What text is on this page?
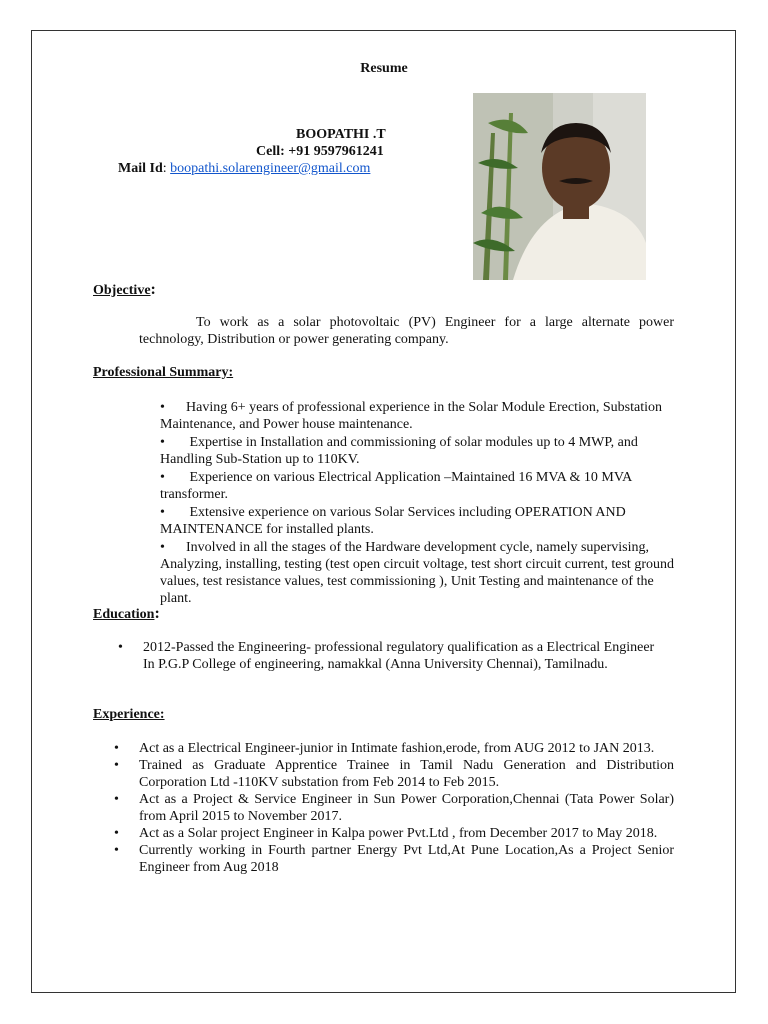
Resume
BOOPATHI .T
Cell: +91 9597961241
Mail Id: boopathi.solarengineer@gmail.com
Objective:
To work as a solar photovoltaic (PV) Engineer for a large alternate power technology, Distribution or power generating company.
Professional Summary:
• Having 6+ years of professional experience in the Solar Module Erection, Substation Maintenance, and Power house maintenance.
• Expertise in Installation and commissioning of solar modules up to 4 MWP, and Handling Sub-Station up to 110KV.
• Experience on various Electrical Application –Maintained 16 MVA & 10 MVA transformer.
• Extensive experience on various Solar Services including OPERATION AND MAINTENANCE for installed plants.
• Involved in all the stages of the Hardware development cycle, namely supervising, Analyzing, installing, testing (test open circuit voltage, test short circuit current, test ground values, test resistance values, test commissioning ), Unit Testing and maintenance of the plant.
Education:
• 2012-Passed the Engineering- professional regulatory qualification as a Electrical Engineer
In P.G.P College of engineering, namakkal (Anna University Chennai), Tamilnadu.
Experience:
• Act as a Electrical Engineer-junior in Intimate fashion,erode, from AUG 2012 to JAN 2013.
• Trained as Graduate Apprentice Trainee in Tamil Nadu Generation and Distribution Corporation Ltd -110KV substation from Feb 2014 to Feb 2015.
• Act as a Project & Service Engineer in Sun Power Corporation,Chennai (Tata Power Solar) from April 2015 to November 2017.
• Act as a Solar project Engineer in Kalpa power Pvt.Ltd , from December 2017 to May 2018.
• Currently working in Fourth partner Energy Pvt Ltd,At Pune Location,As a Project Senior Engineer from Aug 2018
